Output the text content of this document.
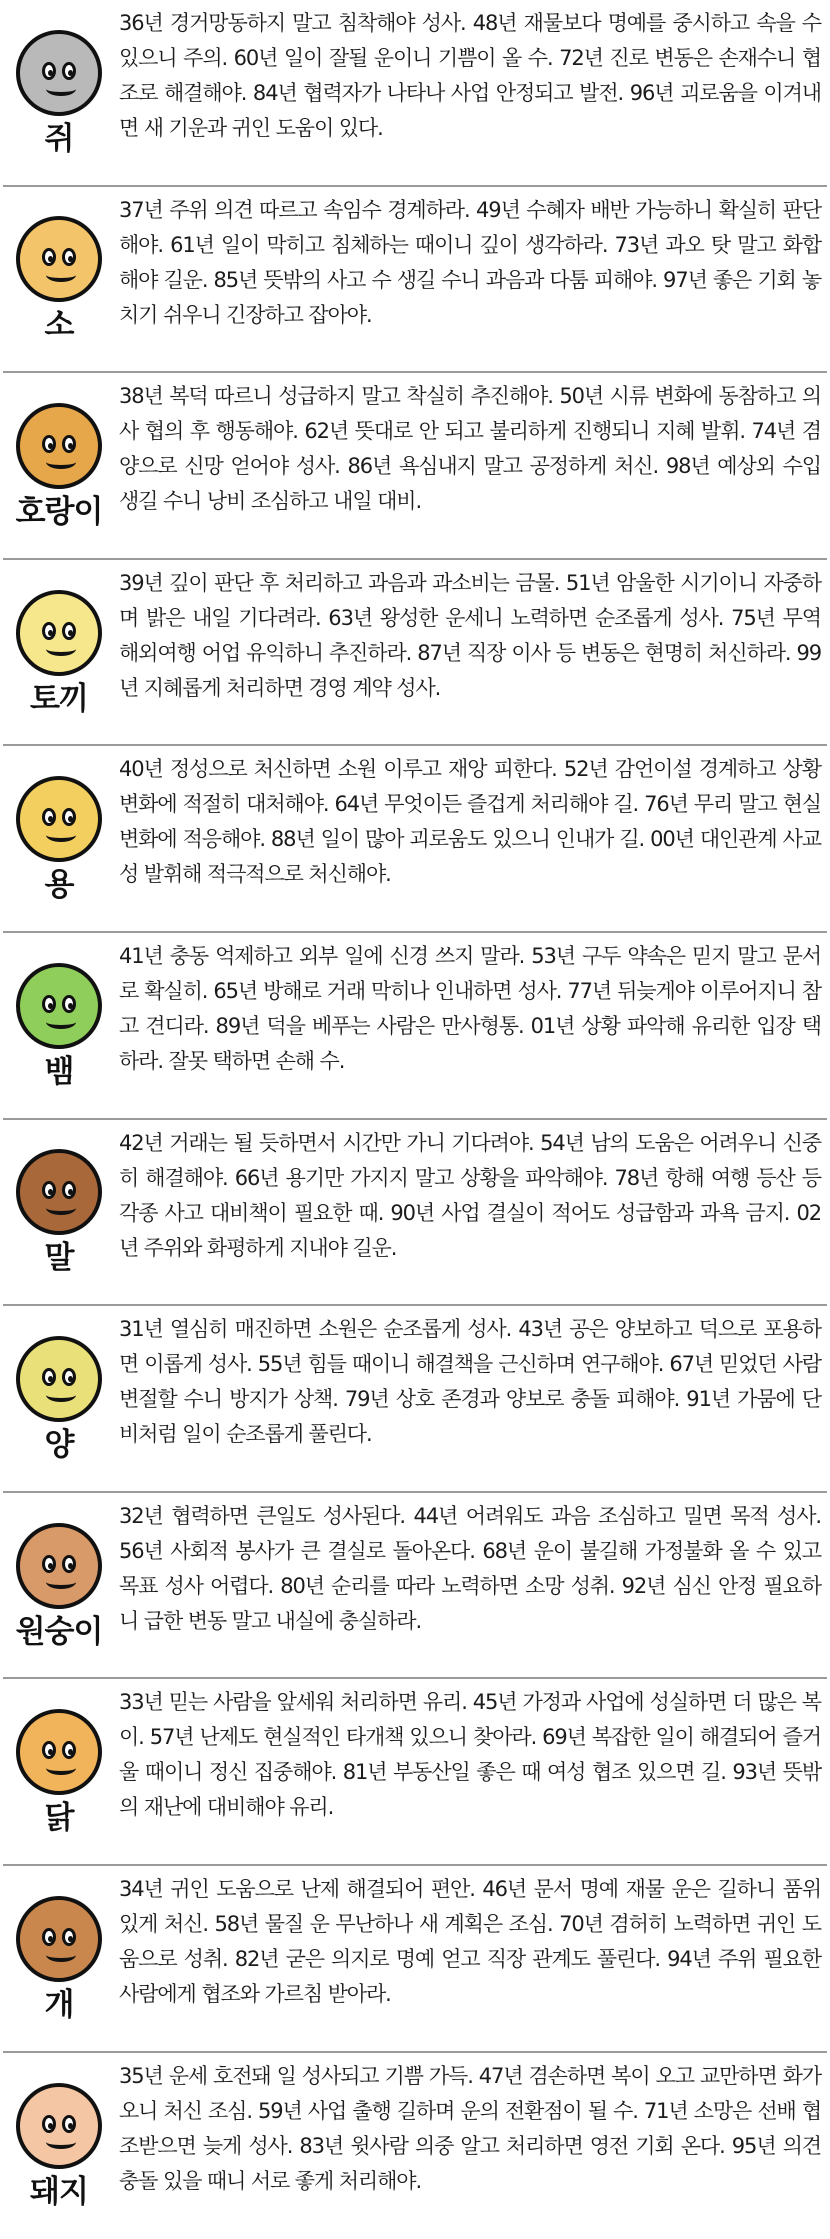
쥐
36년 경거망동하지 말고 침착해야 성사. 48년 재물보다 명예를 중시하고 속을 수 있으니 주의. 60년 일이 잘될 운이니 기쁨이 올 수. 72년 진로 변동은 손재수니 협조로 해결해야. 84년 협력자가 나타나 사업 안정되고 발전. 96년 괴로움을 이겨내면 새 기운과 귀인 도움이 있다.
소
37년 주위 의견 따르고 속임수 경계하라. 49년 수혜자 배반 가능하니 확실히 판단해야. 61년 일이 막히고 침체하는 때이니 깊이 생각하라. 73년 과오 탓 말고 화합해야 길운. 85년 뜻밖의 사고 수 생길 수니 과음과 다툼 피해야. 97년 좋은 기회 놓치기 쉬우니 긴장하고 잡아야.
호랑이
38년 복덕 따르니 성급하지 말고 착실히 추진해야. 50년 시류 변화에 동참하고 의사 협의 후 행동해야. 62년 뜻대로 안 되고 불리하게 진행되니 지혜 발휘. 74년 겸양으로 신망 얻어야 성사. 86년 욕심내지 말고 공정하게 처신. 98년 예상외 수입 생길 수니 낭비 조심하고 내일 대비.
토끼
39년 깊이 판단 후 처리하고 과음과 과소비는 금물. 51년 암울한 시기이니 자중하며 밝은 내일 기다려라. 63년 왕성한 운세니 노력하면 순조롭게 성사. 75년 무역 해외여행 어업 유익하니 추진하라. 87년 직장 이사 등 변동은 현명히 처신하라. 99년 지혜롭게 처리하면 경영 계약 성사.
용
40년 정성으로 처신하면 소원 이루고 재앙 피한다. 52년 감언이설 경계하고 상황 변화에 적절히 대처해야. 64년 무엇이든 즐겁게 처리해야 길. 76년 무리 말고 현실 변화에 적응해야. 88년 일이 많아 괴로움도 있으니 인내가 길. 00년 대인관계 사교성 발휘해 적극적으로 처신해야.
뱀
41년 충동 억제하고 외부 일에 신경 쓰지 말라. 53년 구두 약속은 믿지 말고 문서로 확실히. 65년 방해로 거래 막히나 인내하면 성사. 77년 뒤늦게야 이루어지니 참고 견디라. 89년 덕을 베푸는 사람은 만사형통. 01년 상황 파악해 유리한 입장 택하라. 잘못 택하면 손해 수.
말
42년 거래는 될 듯하면서 시간만 가니 기다려야. 54년 남의 도움은 어려우니 신중히 해결해야. 66년 용기만 가지지 말고 상황을 파악해야. 78년 항해 여행 등산 등 각종 사고 대비책이 필요한 때. 90년 사업 결실이 적어도 성급함과 과욕 금지. 02년 주위와 화평하게 지내야 길운.
양
31년 열심히 매진하면 소원은 순조롭게 성사. 43년 공은 양보하고 덕으로 포용하면 이롭게 성사. 55년 힘들 때이니 해결책을 근신하며 연구해야. 67년 믿었던 사람 변절할 수니 방지가 상책. 79년 상호 존경과 양보로 충돌 피해야. 91년 가뭄에 단비처럼 일이 순조롭게 풀린다.
원숭이
32년 협력하면 큰일도 성사된다. 44년 어려워도 과음 조심하고 밀면 목적 성사. 56년 사회적 봉사가 큰 결실로 돌아온다. 68년 운이 불길해 가정불화 올 수 있고 목표 성사 어렵다. 80년 순리를 따라 노력하면 소망 성취. 92년 심신 안정 필요하니 급한 변동 말고 내실에 충실하라.
닭
33년 믿는 사람을 앞세워 처리하면 유리. 45년 가정과 사업에 성실하면 더 많은 복이. 57년 난제도 현실적인 타개책 있으니 찾아라. 69년 복잡한 일이 해결되어 즐거울 때이니 정신 집중해야. 81년 부동산일 좋은 때 여성 협조 있으면 길. 93년 뜻밖의 재난에 대비해야 유리.
개
34년 귀인 도움으로 난제 해결되어 편안. 46년 문서 명예 재물 운은 길하니 품위 있게 처신. 58년 물질 운 무난하나 새 계획은 조심. 70년 겸허히 노력하면 귀인 도움으로 성취. 82년 굳은 의지로 명예 얻고 직장 관계도 풀린다. 94년 주위 필요한 사람에게 협조와 가르침 받아라.
돼지
35년 운세 호전돼 일 성사되고 기쁨 가득. 47년 겸손하면 복이 오고 교만하면 화가 오니 처신 조심. 59년 사업 출행 길하며 운의 전환점이 될 수. 71년 소망은 선배 협조받으면 늦게 성사. 83년 윗사람 의중 알고 처리하면 영전 기회 온다. 95년 의견 충돌 있을 때니 서로 좋게 처리해야.
